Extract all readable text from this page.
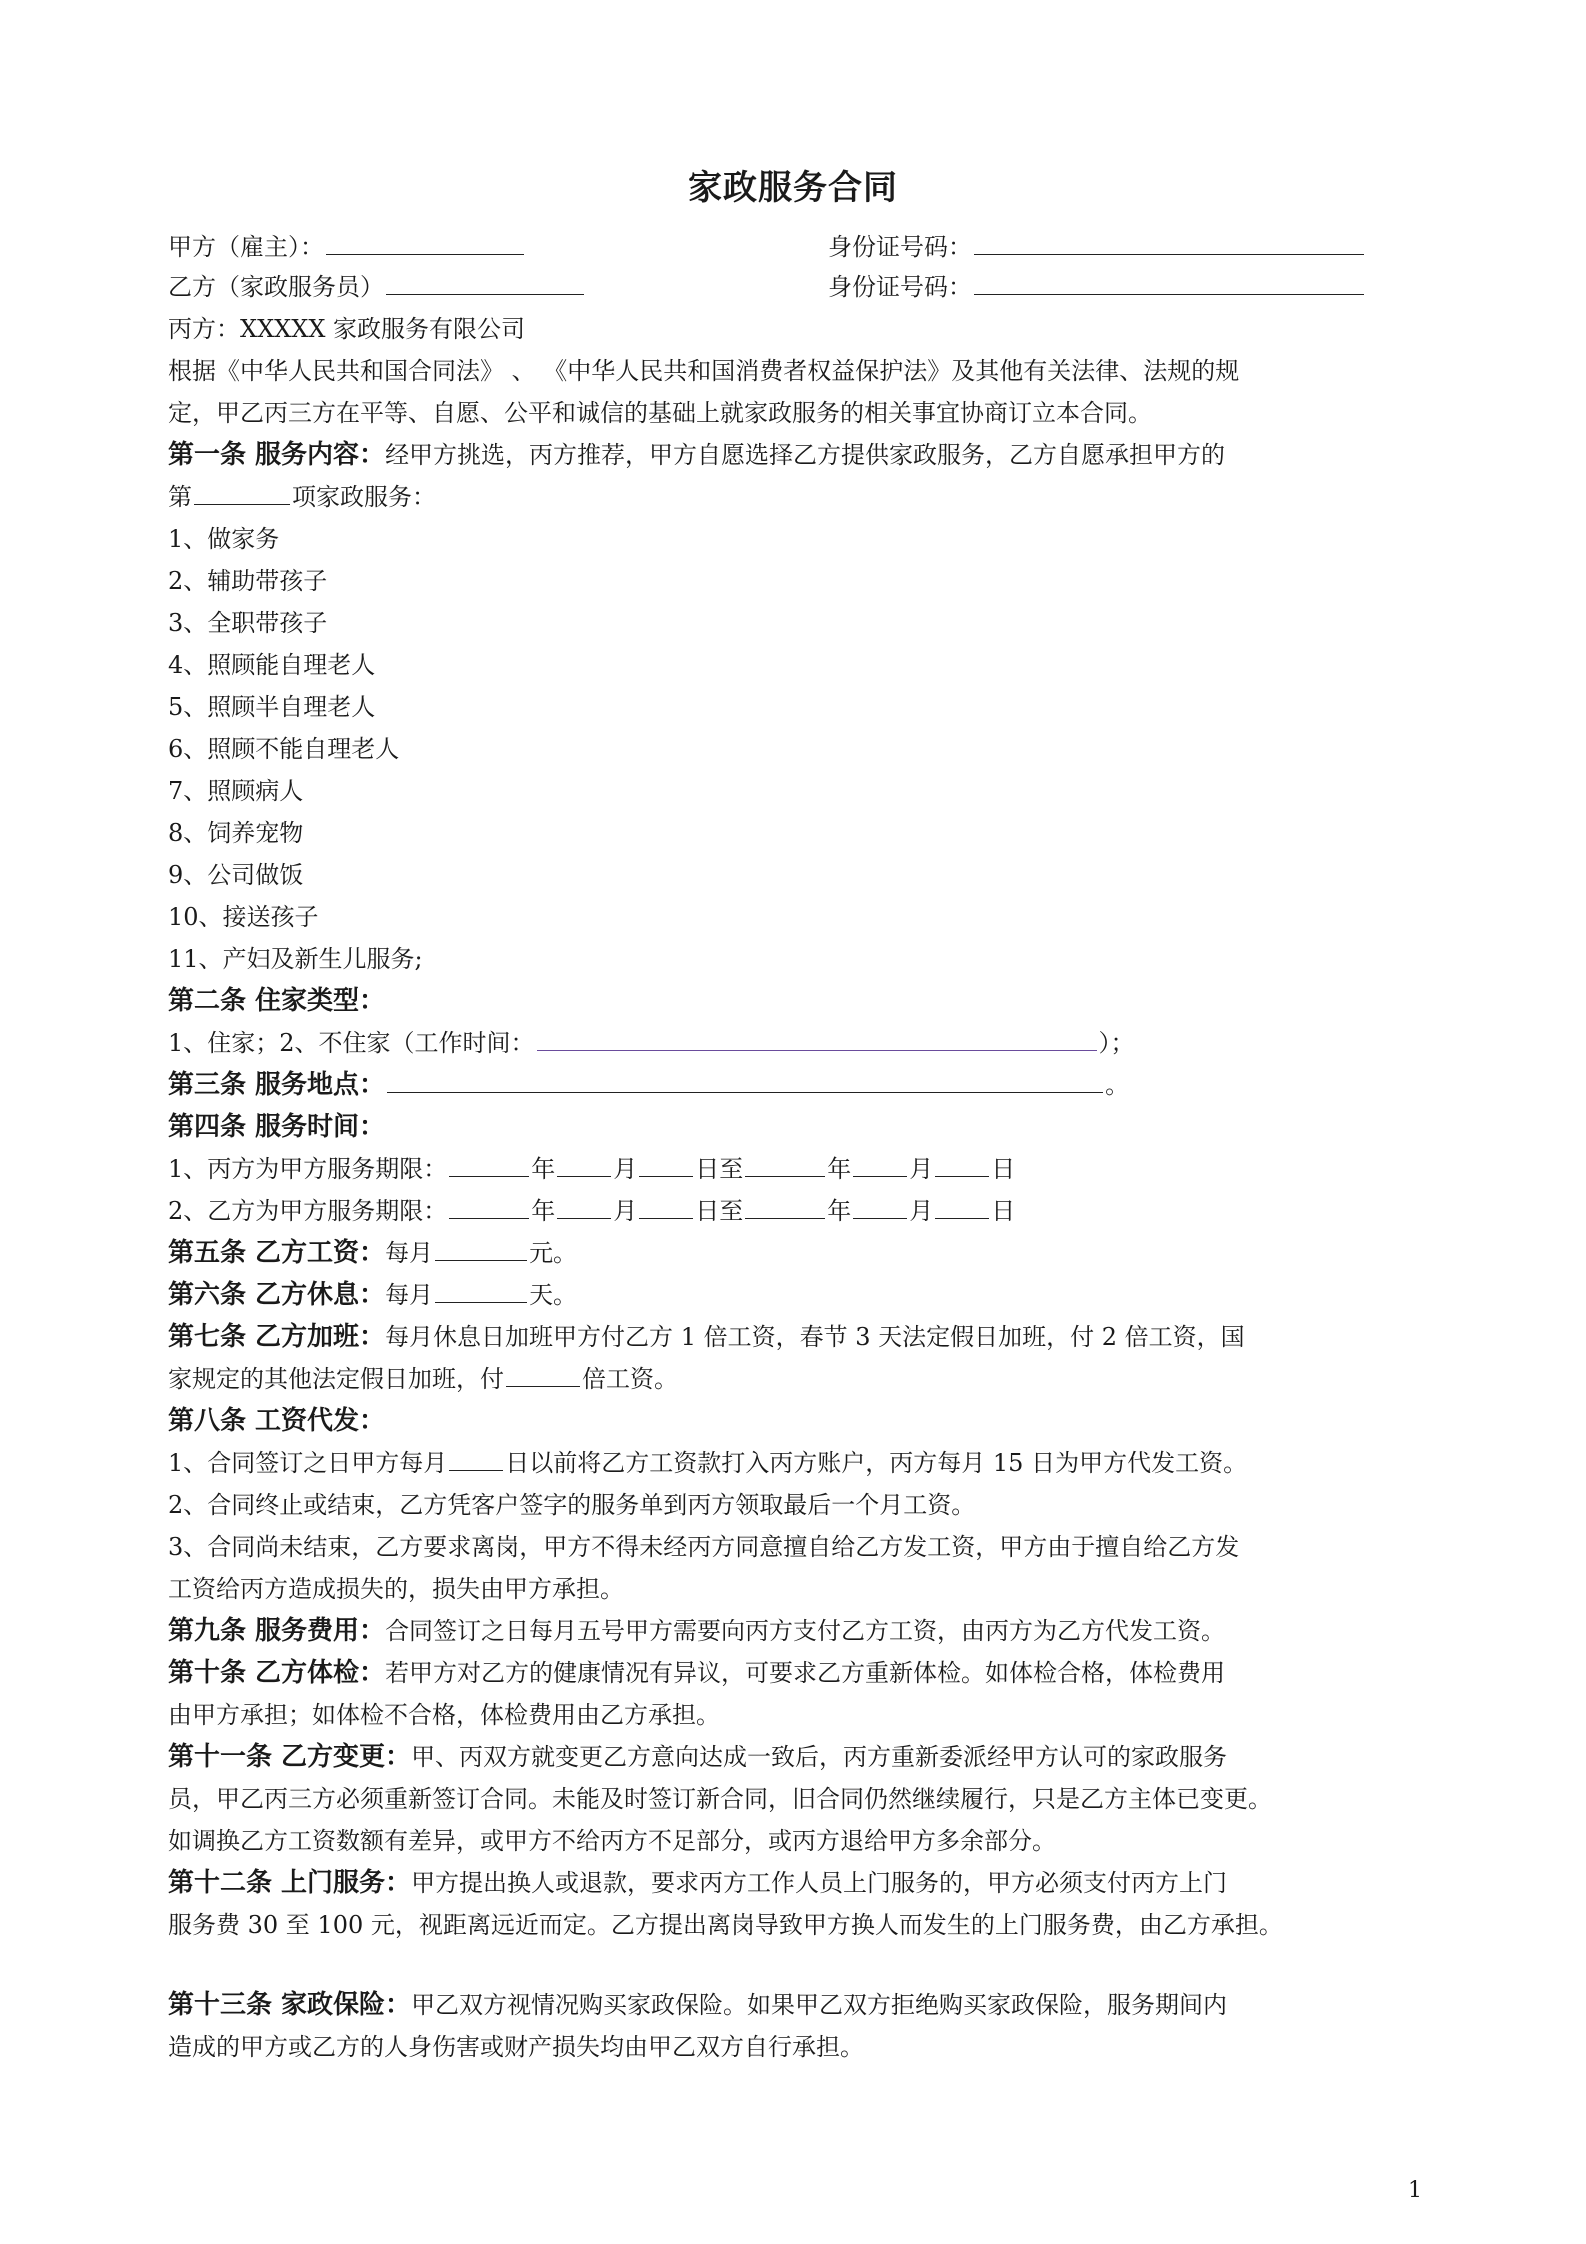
家政服务合同
甲方（雇主）：	身份证号码：
乙方（家政服务员）	身份证号码：
丙方：XXXXX 家政服务有限公司
根据《中华人民共和国合同法》 、 《中华人民共和国消费者权益保护法》及其他有关法律、法规的规
定，甲乙丙三方在平等、自愿、公平和诚信的基础上就家政服务的相关事宜协商订立本合同。
第一条 服务内容：经甲方挑选，丙方推荐，甲方自愿选择乙方提供家政服务，乙方自愿承担甲方的
第	项家政服务：
1、做家务
2、辅助带孩子
3、全职带孩子
4、照顾能自理老人
5、照顾半自理老人
6、照顾不能自理老人
7、照顾病人
8、饲养宠物
9、公司做饭
10、接送孩子
11、产妇及新生儿服务;
第二条 住家类型：
1、住家；2、不住家（工作时间：	）；
第三条 服务地点：	。
第四条 服务时间：
1、丙方为甲方服务期限：	年 月 日至	年 月 日
2、乙方为甲方服务期限：	年 月 日至	年 月 日
第五条 乙方工资：每月	元。
第六条 乙方休息：每月	天。
第七条 乙方加班：每月休息日加班甲方付乙方 1 倍工资，春节 3 天法定假日加班，付 2 倍工资，国
家规定的其他法定假日加班，付	倍工资。
第八条 工资代发：
1、合同签订之日甲方每月 日以前将乙方工资款打入丙方账户，丙方每月 15 日为甲方代发工资。
2、合同终止或结束，乙方凭客户签字的服务单到丙方领取最后一个月工资。
3、合同尚未结束，乙方要求离岗，甲方不得未经丙方同意擅自给乙方发工资，甲方由于擅自给乙方发
工资给丙方造成损失的，损失由甲方承担。
第九条 服务费用：合同签订之日每月五号甲方需要向丙方支付乙方工资，由丙方为乙方代发工资。
第十条 乙方体检：若甲方对乙方的健康情况有异议，可要求乙方重新体检。如体检合格，体检费用
由甲方承担；如体检不合格，体检费用由乙方承担。
第十一条 乙方变更：甲、丙双方就变更乙方意向达成一致后，丙方重新委派经甲方认可的家政服务
员，甲乙丙三方必须重新签订合同。未能及时签订新合同，旧合同仍然继续履行，只是乙方主体已变更。
如调换乙方工资数额有差异，或甲方不给丙方不足部分，或丙方退给甲方多余部分。
第十二条 上门服务：甲方提出换人或退款，要求丙方工作人员上门服务的，甲方必须支付丙方上门
服务费 30 至 100 元，视距离远近而定。乙方提出离岗导致甲方换人而发生的上门服务费，由乙方承担。
第十三条 家政保险：甲乙双方视情况购买家政保险。如果甲乙双方拒绝购买家政保险，服务期间内
造成的甲方或乙方的人身伤害或财产损失均由甲乙双方自行承担。
1
